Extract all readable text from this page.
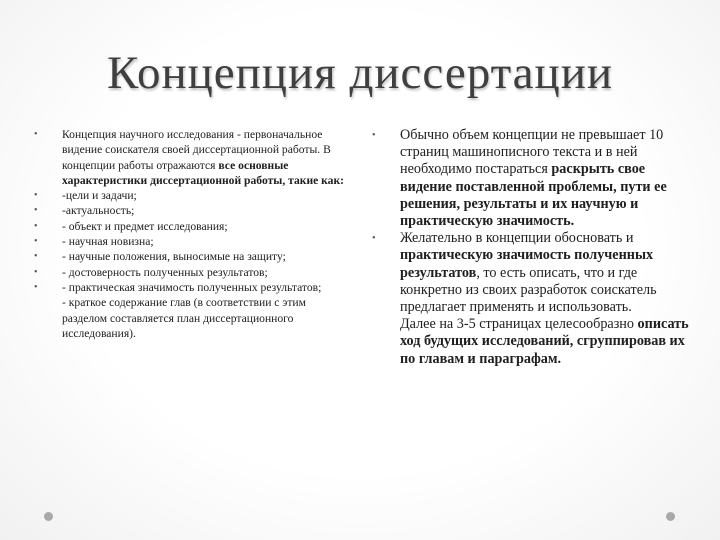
Концепция диссертации
• Концепция научного исследования - первоначальное видение соискателя своей диссертационной работы. В концепции работы отражаются все основные характеристики диссертационной работы, такие как:
• -цели и задачи;
• -актуальность;
• - объект и предмет исследования;
• - научная новизна;
• - научные положения, выносимые на защиту;
• - достоверность полученных результатов;
• - практическая значимость полученных результатов;
- краткое содержание глав (в соответствии с этим разделом составляется план диссертационного исследования).
• Обычно объем концепции не превышает 10 страниц машинописного текста и в ней необходимо постараться раскрыть свое видение поставленной проблемы, пути ее решения, результаты и их научную и практическую значимость.
• Желательно в концепции обосновать и практическую значимость полученных результатов, то есть описать, что и где конкретно из своих разработок соискатель предлагает применять и использовать.
Далее на 3-5 страницах целесообразно описать ход будущих исследований, сгруппировав их по главам и параграфам.
